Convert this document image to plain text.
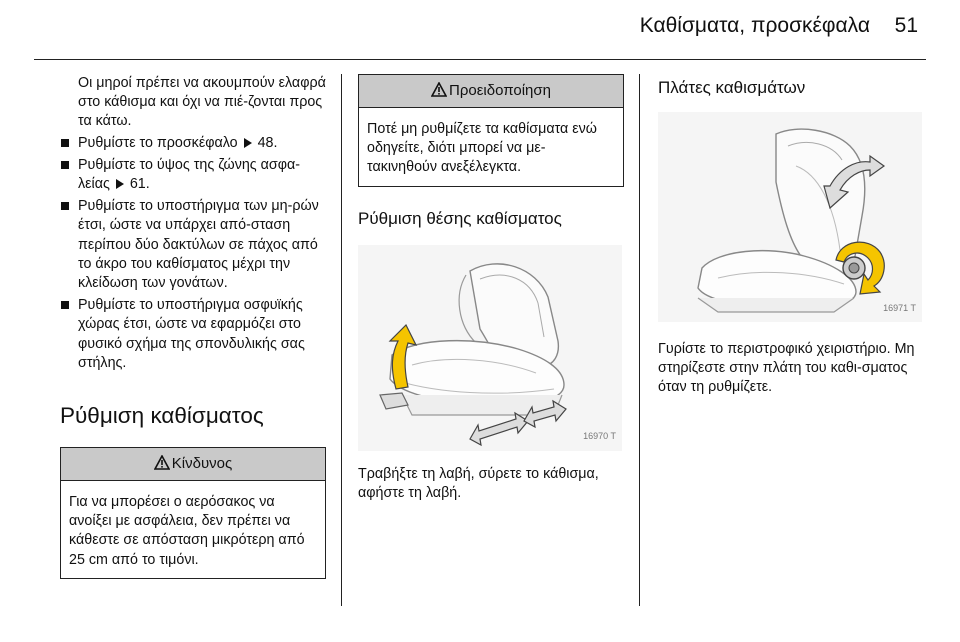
Καθίσματα, προσκέφαλα 51

Οι μηροί πρέπει να ακουμπούν ελαφρά στο κάθισμα και όχι να πιέ-ζονται προς τα κάτω.

Ρυθμίστε το προσκέφαλο 48.
Ρυθμίστε το ύψος της ζώνης ασφα-λείας 61.
Ρυθμίστε το υποστήριγμα των μη-ρών έτσι, ώστε να υπάρχει από-σταση περίπου δύο δακτύλων σε πάχος από το άκρο του καθίσματος μέχρι την κλείδωση των γονάτων.
Ρυθμίστε το υποστήριγμα οσφυϊκής χώρας έτσι, ώστε να εφαρμόζει στο φυσικό σχήμα της σπονδυλικής σας στήλης.
Ρύθμιση καθίσματος
Κίνδυνος
Για να μπορέσει ο αερόσακος να ανοίξει με ασφάλεια, δεν πρέπει να κάθεστε σε απόσταση μικρότερη από 25 cm από το τιμόνι.
Προειδοποίηση
Ποτέ μη ρυθμίζετε τα καθίσματα ενώ οδηγείτε, διότι μπορεί να με-τακινηθούν ανεξέλεγκτα.
Ρύθμιση θέσης καθίσματος
16970 T

Τραβήξτε τη λαβή, σύρετε το κάθισμα, αφήστε τη λαβή.

Πλάτες καθισμάτων
16971 T

Γυρίστε το περιστροφικό χειριστήριο. Μη στηρίζεστε στην πλάτη του καθι-σματος όταν τη ρυθμίζετε.
